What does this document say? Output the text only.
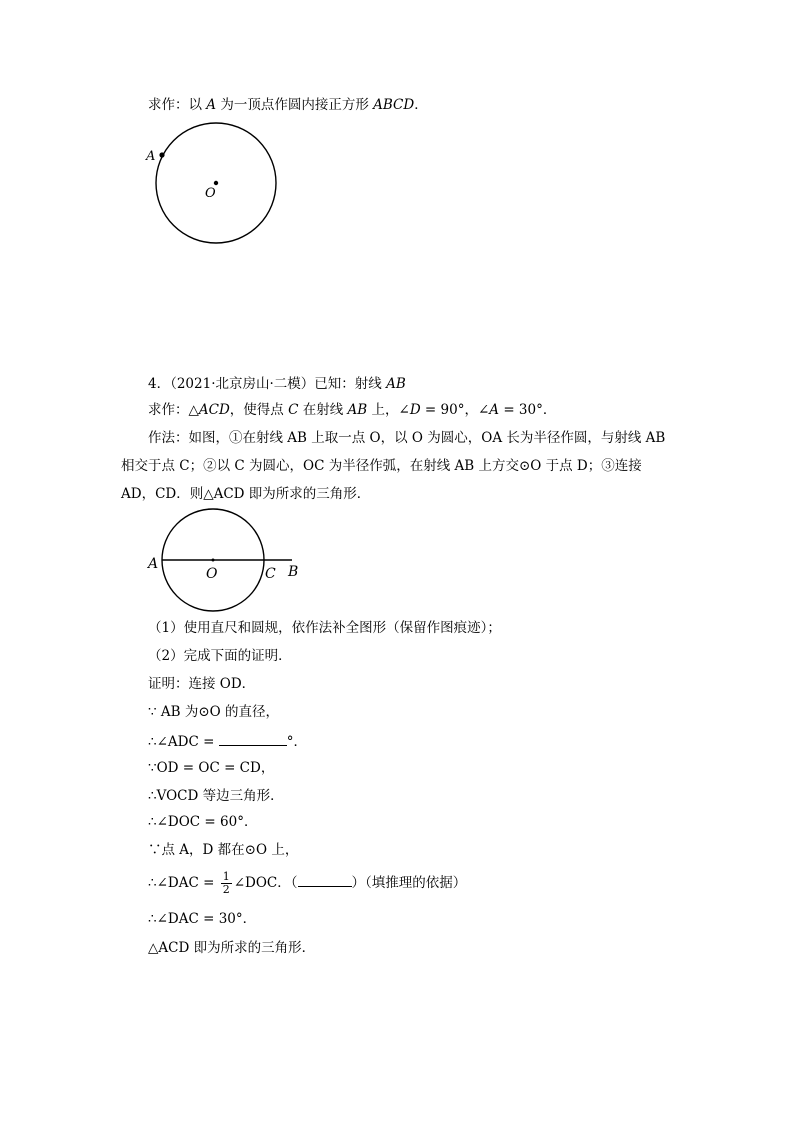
求作：以 A 为一顶点作圆内接正方形 ABCD．
A
O
4．（2021·北京房山·二模）已知：射线 AB
求作：△ACD，使得点 C 在射线 AB 上，∠D = 90°，∠A = 30°．
作法：如图，①在射线 AB 上取一点 O，以 O 为圆心，OA 长为半径作圆，与射线 AB
相交于点 C；②以 C 为圆心，OC 为半径作弧，在射线 AB 上方交⊙O 于点 D；③连接
AD，CD．则△ACD 即为所求的三角形．
A
O	C B
（1）使用直尺和圆规，依作法补全图形（保留作图痕迹）；
（2）完成下面的证明．
证明：连接 OD．
∵ AB 为⊙O 的直径，
∴∠ADC =	°．
∵OD = OC = CD，
∴VOCD 等边三角形．
∴∠DOC = 60°．
∵点 A，D 都在⊙O 上，
∴∠DAC = $\frac{1}{2}$ ∠DOC．（	）（填推理的依据）
∴∠DAC = 30°．
△ACD 即为所求的三角形．
